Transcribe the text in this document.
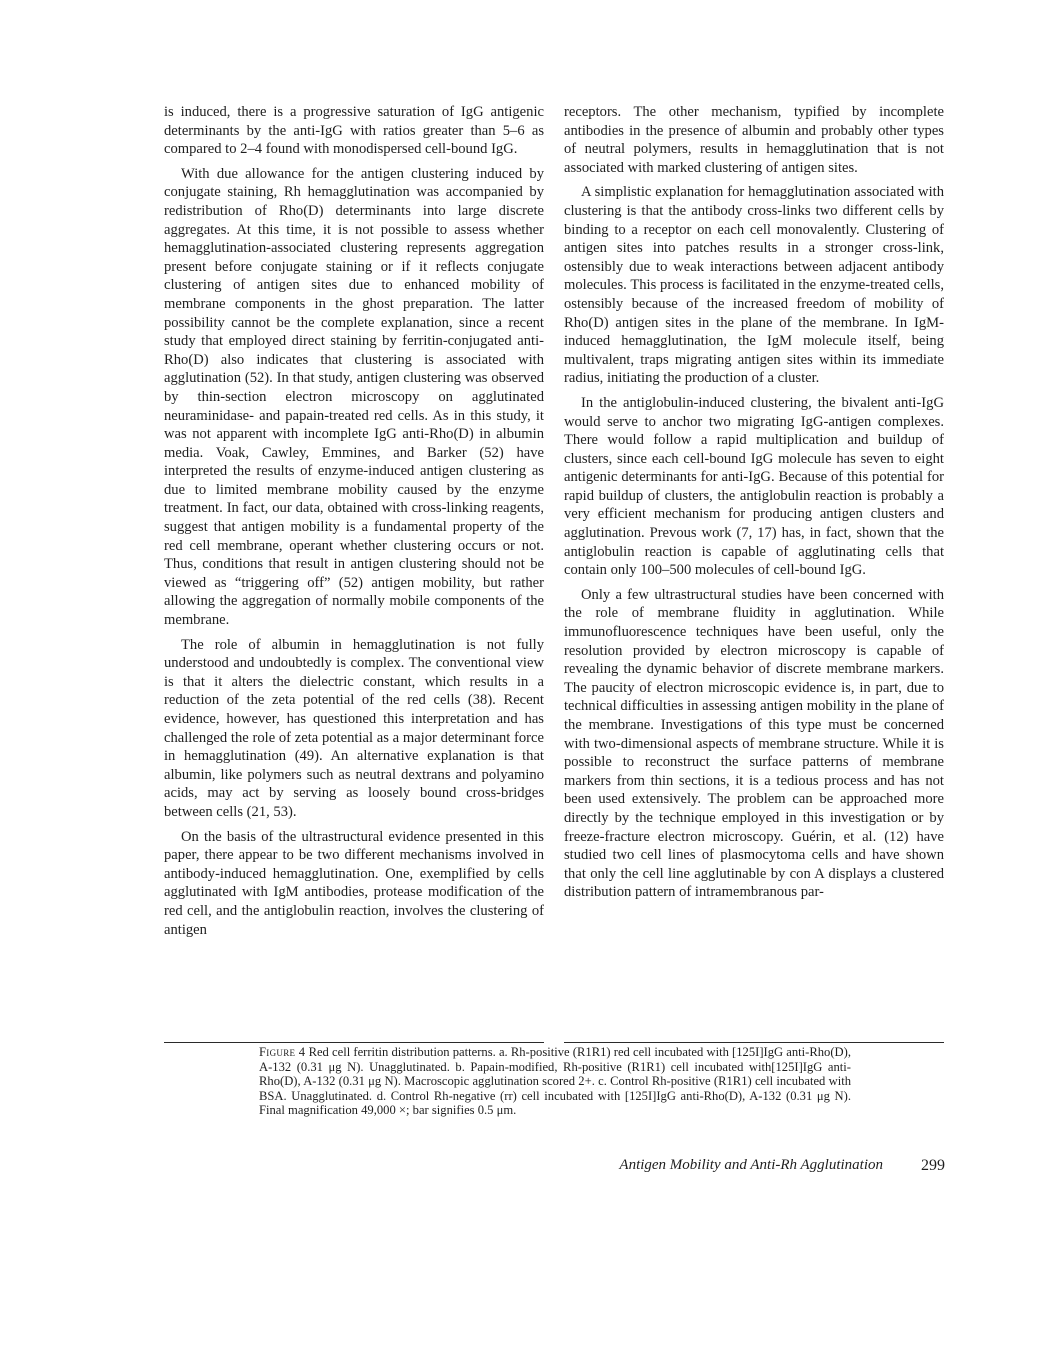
is induced, there is a progressive saturation of IgG antigenic determinants by the anti-IgG with ratios greater than 5–6 as compared to 2–4 found with monodispersed cell-bound IgG.

With due allowance for the antigen clustering induced by conjugate staining, Rh hemagglutination was accompanied by redistribution of Rho(D) determinants into large discrete aggregates. At this time, it is not possible to assess whether hemagglutination-associated clustering represents aggregation present before conjugate staining or if it reflects conjugate clustering of antigen sites due to enhanced mobility of membrane components in the ghost preparation. The latter possibility cannot be the complete explanation, since a recent study that employed direct staining by ferritin-conjugated anti-Rho(D) also indicates that clustering is associated with agglutination (52). In that study, antigen clustering was observed by thin-section electron microscopy on agglutinated neuraminidase- and papain-treated red cells. As in this study, it was not apparent with incomplete IgG anti-Rho(D) in albumin media. Voak, Cawley, Emmines, and Barker (52) have interpreted the results of enzyme-induced antigen clustering as due to limited membrane mobility caused by the enzyme treatment. In fact, our data, obtained with cross-linking reagents, suggest that antigen mobility is a fundamental property of the red cell membrane, operant whether clustering occurs or not. Thus, conditions that result in antigen clustering should not be viewed as “triggering off” (52) antigen mobility, but rather allowing the aggregation of normally mobile components of the membrane.

The role of albumin in hemagglutination is not fully understood and undoubtedly is complex. The conventional view is that it alters the dielectric constant, which results in a reduction of the zeta potential of the red cells (38). Recent evidence, however, has questioned this interpretation and has challenged the role of zeta potential as a major determinant force in hemagglutination (49). An alternative explanation is that albumin, like polymers such as neutral dextrans and polyamino acids, may act by serving as loosely bound cross-bridges between cells (21, 53).

On the basis of the ultrastructural evidence presented in this paper, there appear to be two different mechanisms involved in antibody-induced hemagglutination. One, exemplified by cells agglutinated with IgM antibodies, protease modification of the red cell, and the antiglobulin reaction, involves the clustering of antigen

receptors. The other mechanism, typified by incomplete antibodies in the presence of albumin and probably other types of neutral polymers, results in hemagglutination that is not associated with marked clustering of antigen sites.

A simplistic explanation for hemagglutination associated with clustering is that the antibody cross-links two different cells by binding to a receptor on each cell monovalently. Clustering of antigen sites into patches results in a stronger cross-link, ostensibly due to weak interactions between adjacent antibody molecules. This process is facilitated in the enzyme-treated cells, ostensibly because of the increased freedom of mobility of Rho(D) antigen sites in the plane of the membrane. In IgM-induced hemagglutination, the IgM molecule itself, being multivalent, traps migrating antigen sites within its immediate radius, initiating the production of a cluster.

In the antiglobulin-induced clustering, the bivalent anti-IgG would serve to anchor two migrating IgG-antigen complexes. There would follow a rapid multiplication and buildup of clusters, since each cell-bound IgG molecule has seven to eight antigenic determinants for anti-IgG. Because of this potential for rapid buildup of clusters, the antiglobulin reaction is probably a very efficient mechanism for producing antigen clusters and agglutination. Prevous work (7, 17) has, in fact, shown that the antiglobulin reaction is capable of agglutinating cells that contain only 100–500 molecules of cell-bound IgG.

Only a few ultrastructural studies have been concerned with the role of membrane fluidity in agglutination. While immunofluorescence techniques have been useful, only the resolution provided by electron microscopy is capable of revealing the dynamic behavior of discrete membrane markers. The paucity of electron microscopic evidence is, in part, due to technical difficulties in assessing antigen mobility in the plane of the membrane. Investigations of this type must be concerned with two-dimensional aspects of membrane structure. While it is possible to reconstruct the surface patterns of membrane markers from thin sections, it is a tedious process and has not been used extensively. The problem can be approached more directly by the technique employed in this investigation or by freeze-fracture electron microscopy. Guérin, et al. (12) have studied two cell lines of plasmocytoma cells and have shown that only the cell line agglutinable by con A displays a clustered distribution pattern of intramembranous par-

Figure 4 Red cell ferritin distribution patterns. a. Rh-positive (R1R1) red cell incubated with [125I]IgG anti-Rho(D), A-132 (0.31 μg N). Unagglutinated. b. Papain-modified, Rh-positive (R1R1) cell incubated with[125I]IgG anti-Rho(D), A-132 (0.31 μg N). Macroscopic agglutination scored 2+. c. Control Rh-positive (R1R1) cell incubated with BSA. Unagglutinated. d. Control Rh-negative (rr) cell incubated with [125I]IgG anti-Rho(D), A-132 (0.31 μg N). Final magnification 49,000 ×; bar signifies 0.5 μm.
Antigen Mobility and Anti-Rh Agglutination	299
